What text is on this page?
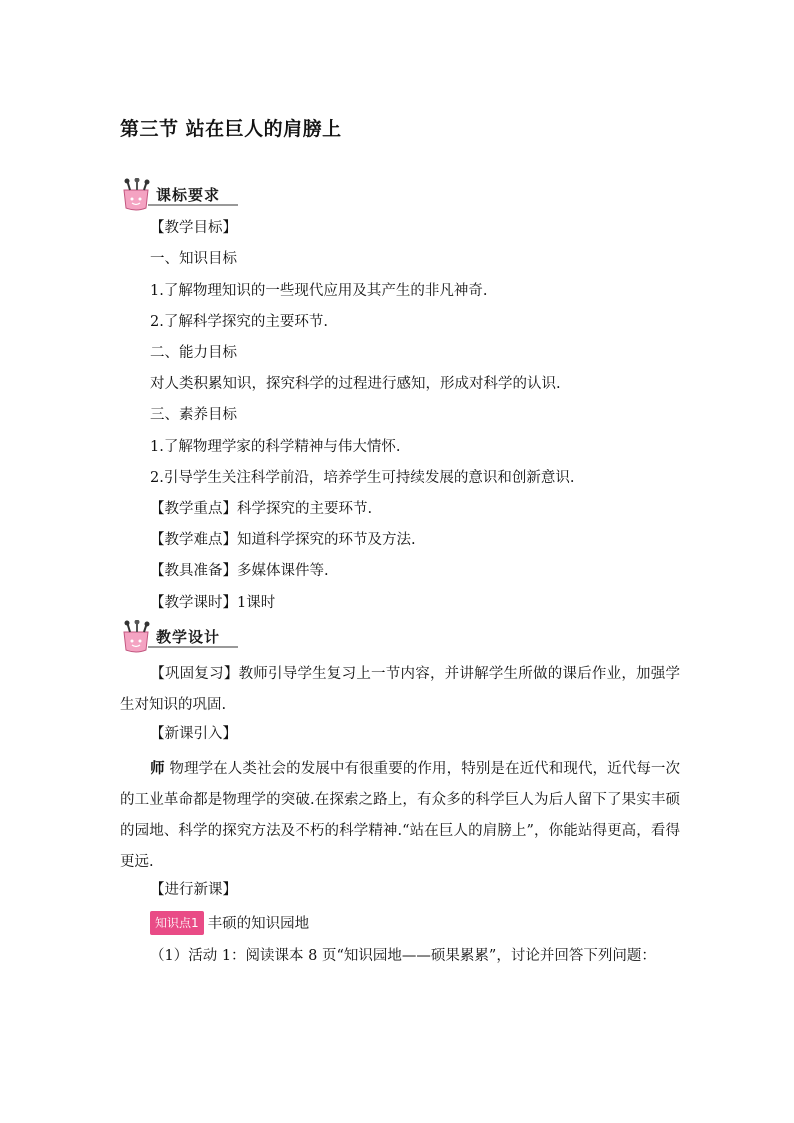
第三节 站在巨人的肩膀上
课标要求

【教学目标】

一、知识目标

1.了解物理知识的一些现代应用及其产生的非凡神奇.

2.了解科学探究的主要环节.

二、能力目标

对人类积累知识，探究科学的过程进行感知，形成对科学的认识.

三、素养目标

1.了解物理学家的科学精神与伟大情怀.

2.引导学生关注科学前沿，培养学生可持续发展的意识和创新意识.

【教学重点】科学探究的主要环节.

【教学难点】知道科学探究的环节及方法.

【教具准备】多媒体课件等.

【教学课时】1课时

教学设计

【巩固复习】教师引导学生复习上一节内容，并讲解学生所做的课后作业，加强学生对知识的巩固.

【新课引入】

师 物理学在人类社会的发展中有很重要的作用，特别是在近代和现代，近代每一次的工业革命都是物理学的突破.在探索之路上，有众多的科学巨人为后人留下了果实丰硕的园地、科学的探究方法及不朽的科学精神.“站在巨人的肩膀上”，你能站得更高，看得更远.

【进行新课】

知识点1 丰硕的知识园地

（1）活动 1：阅读课本 8 页“知识园地——硕果累累”，讨论并回答下列问题：
